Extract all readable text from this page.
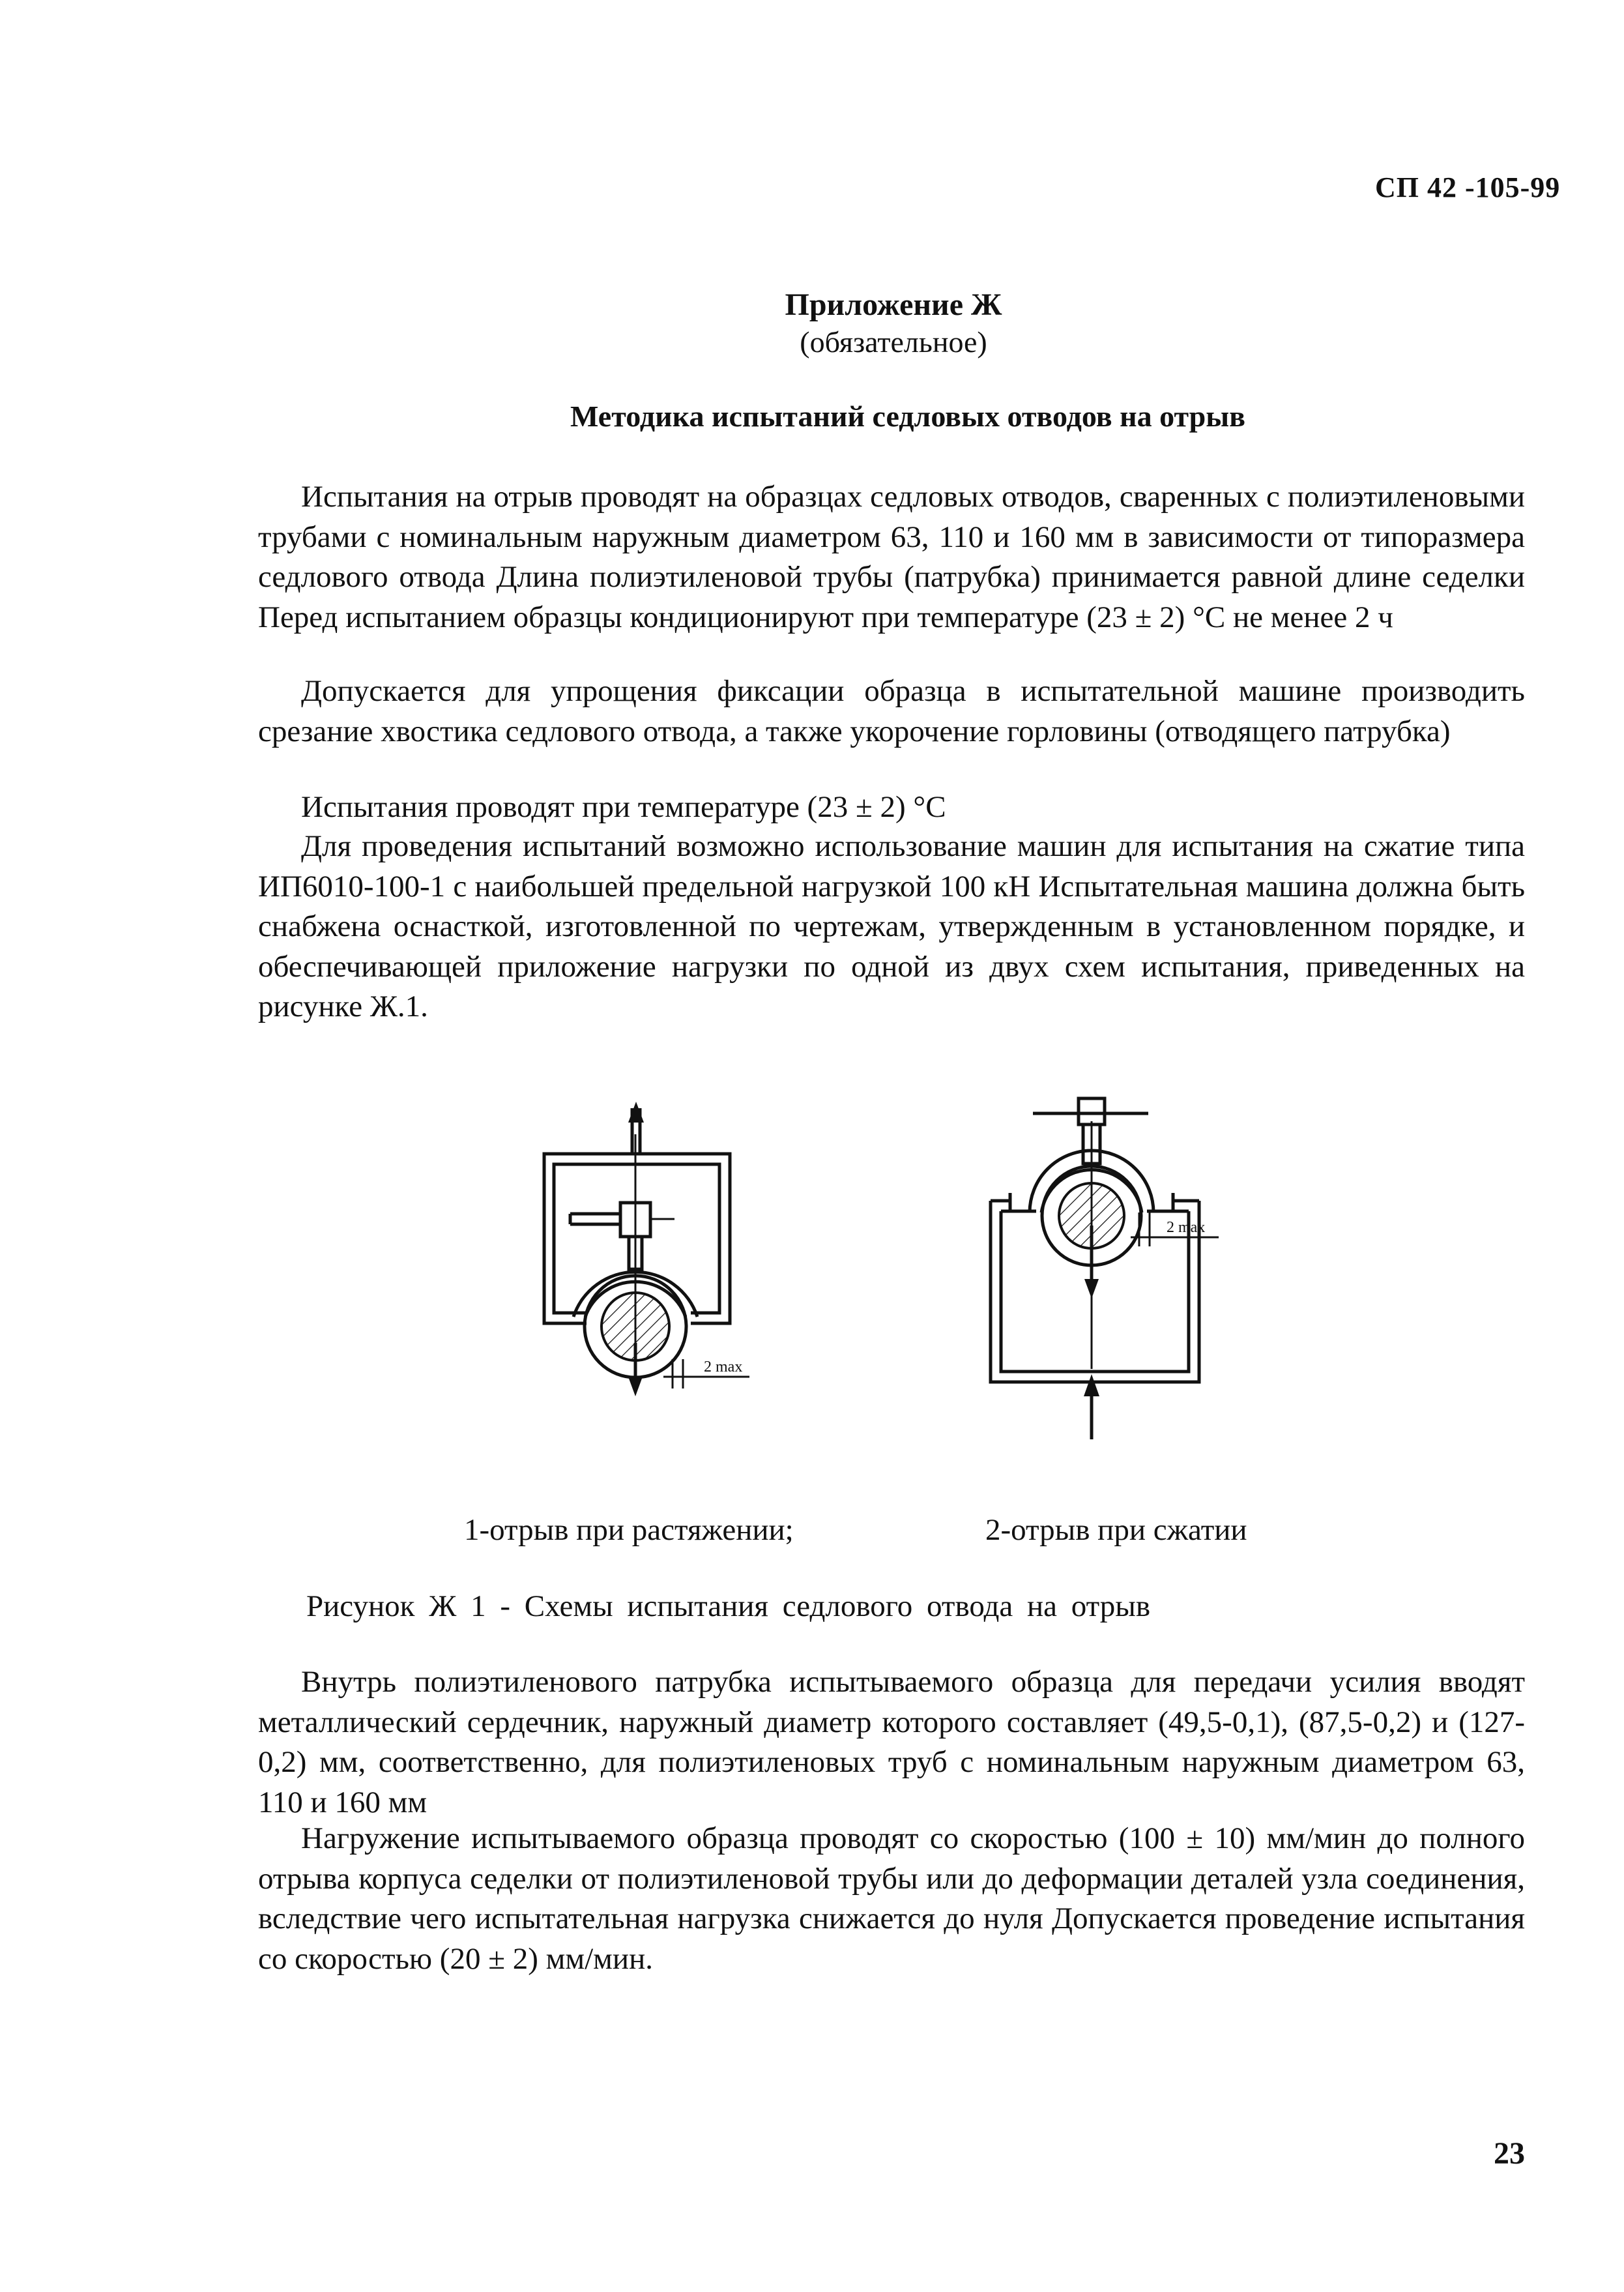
СП 42 -105-99
Приложение Ж
(обязательное)
Методика испытаний седловых отводов на отрыв
Испытания на отрыв проводят на образцах седловых отводов, сваренных с полиэтиленовыми трубами с номинальным наружным диаметром 63, 110 и 160 мм в зависимости от типоразмера седлового отвода Длина полиэтиленовой трубы (патрубка) принимается равной длине седелки Перед испытанием образцы кондиционируют при температуре (23 ± 2) °С не менее 2 ч
Допускается для упрощения фиксации образца в испытательной машине производить срезание хвостика седлового отвода, а также укорочение горловины (отводящего патрубка)
Испытания проводят при температуре (23 ± 2) °С
Для проведения испытаний возможно использование машин для испытания на сжатие типа ИП6010-100-1 с наибольшей предельной нагрузкой 100 кН Испытательная машина должна быть снабжена оснасткой, изготовленной по чертежам, утвержденным в установленном порядке, и обеспечивающей приложение нагрузки по одной из двух схем испытания, приведенных на рисунке Ж.1.
2 max
2 max
1-отрыв при растяжении;	2-отрыв при сжатии
Рисунок Ж 1 - Схемы испытания седлового отвода на отрыв
Внутрь полиэтиленового патрубка испытываемого образца для передачи усилия вводят металлический сердечник, наружный диаметр которого составляет (49,5-0,1), (87,5-0,2) и (127-0,2) мм, соответственно, для полиэтиленовых труб с номинальным наружным диаметром 63, 110 и 160 мм
Нагружение испытываемого образца проводят со скоростью (100 ± 10) мм/мин до полного отрыва корпуса седелки от полиэтиленовой трубы или до деформации деталей узла соединения, вследствие чего испытательная нагрузка снижается до нуля Допускается проведение испытания со скоростью (20 ± 2) мм/мин.
23
